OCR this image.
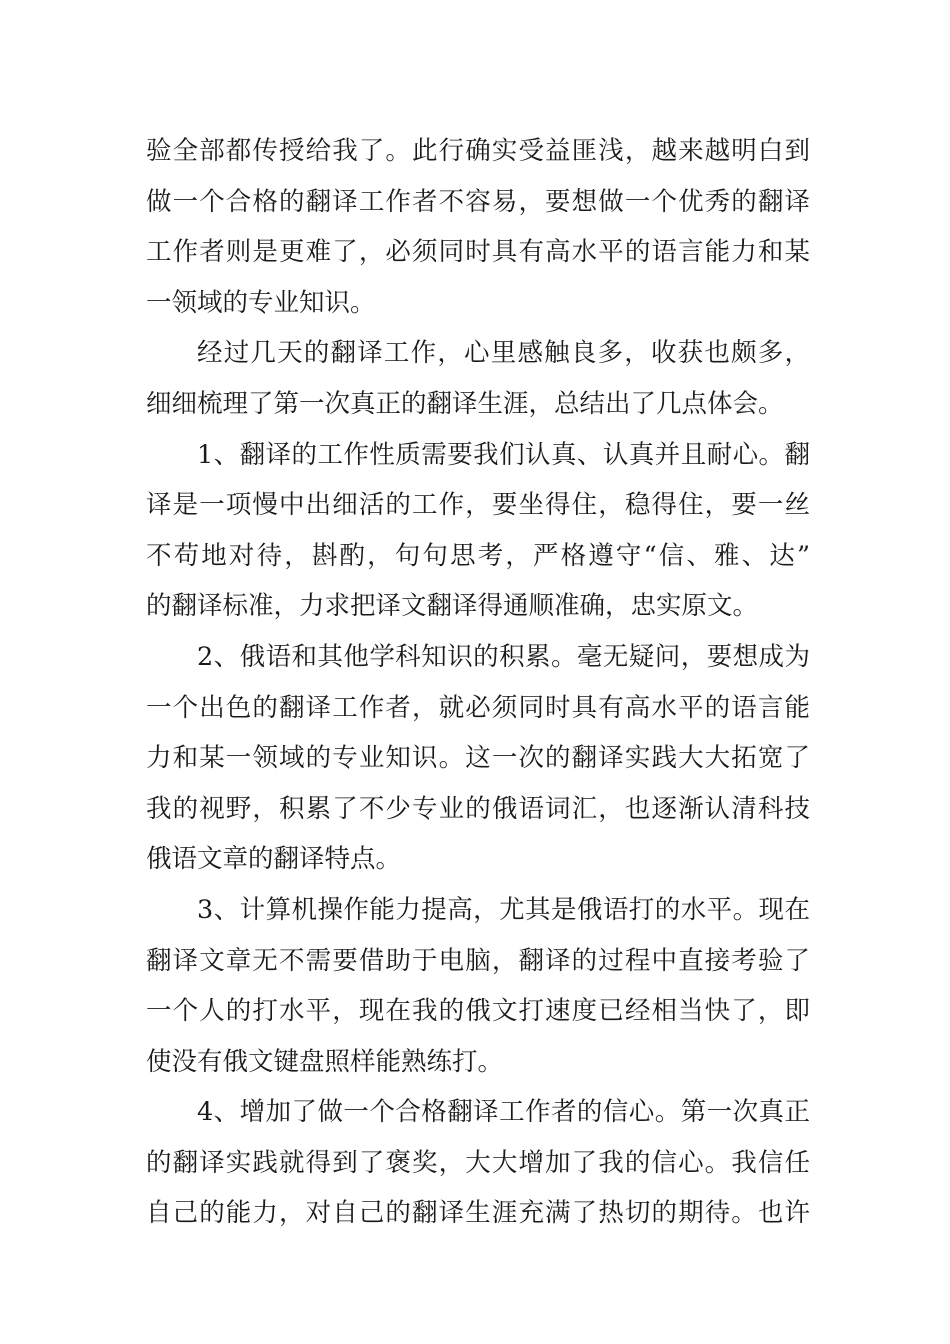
验全部都传授给我了。此行确实受益匪浅，越来越明白到
做一个合格的翻译工作者不容易，要想做一个优秀的翻译
工作者则是更难了，必须同时具有高水平的语言能力和某
一领域的专业知识。
经过几天的翻译工作，心里感触良多，收获也颇多，
细细梳理了第一次真正的翻译生涯，总结出了几点体会。
1、翻译的工作性质需要我们认真、认真并且耐心。翻
译是一项慢中出细活的工作，要坐得住，稳得住，要一丝
不苟地对待，斟酌，句句思考，严格遵守“信、雅、达”
的翻译标准，力求把译文翻译得通顺准确，忠实原文。
2、俄语和其他学科知识的积累。毫无疑问，要想成为
一个出色的翻译工作者，就必须同时具有高水平的语言能
力和某一领域的专业知识。这一次的翻译实践大大拓宽了
我的视野，积累了不少专业的俄语词汇，也逐渐认清科技
俄语文章的翻译特点。
3、计算机操作能力提高，尤其是俄语打的水平。现在
翻译文章无不需要借助于电脑，翻译的过程中直接考验了
一个人的打水平，现在我的俄文打速度已经相当快了，即
使没有俄文键盘照样能熟练打。
4、增加了做一个合格翻译工作者的信心。第一次真正
的翻译实践就得到了褒奖，大大增加了我的信心。我信任
自己的能力，对自己的翻译生涯充满了热切的期待。也许
